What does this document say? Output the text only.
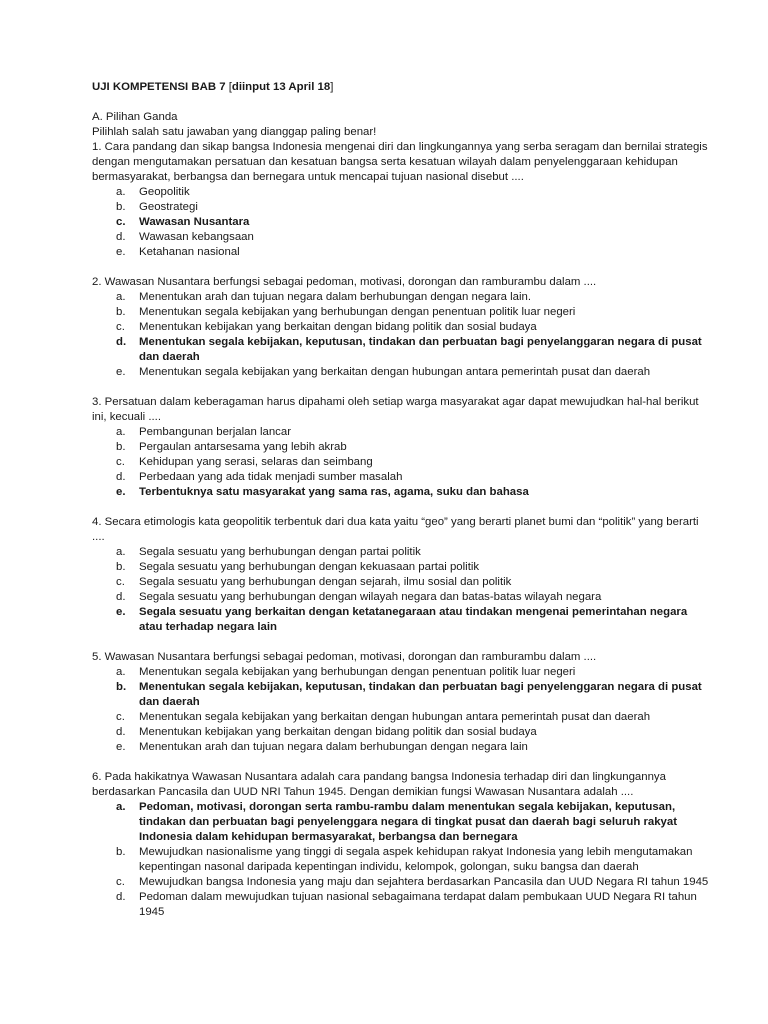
UJI KOMPETENSI BAB 7 [diinput 13 April 18]
A. Pilihan Ganda
Pilihlah salah satu jawaban yang dianggap paling benar!

1. Cara pandang dan sikap bangsa Indonesia mengenai diri dan lingkungannya yang serba seragam dan bernilai strategis dengan mengutamakan persatuan dan kesatuan bangsa serta kesatuan wilayah dalam penyelenggaraan kehidupan bermasyarakat, berbangsa dan bernegara untuk mencapai tujuan nasional disebut ....

a.	Geopolitik
b.	Geostrategi
c.	Wawasan Nusantara
d.	Wawasan kebangsaan
e.	Ketahanan nasional

2. Wawasan Nusantara berfungsi sebagai pedoman, motivasi, dorongan dan ramburambu dalam ....

a.	Menentukan arah dan tujuan negara dalam berhubungan dengan negara lain.
b.	Menentukan segala kebijakan yang berhubungan dengan penentuan politik luar negeri
c.	Menentukan kebijakan yang berkaitan dengan bidang politik dan sosial budaya
d.	Menentukan segala kebijakan, keputusan, tindakan dan perbuatan bagi penyelanggaran negara di pusat dan daerah
e.	Menentukan segala kebijakan yang berkaitan dengan hubungan antara pemerintah pusat dan daerah

3. Persatuan dalam keberagaman harus dipahami oleh setiap warga masyarakat agar dapat mewujudkan hal-hal berikut ini, kecuali ....

a.	Pembangunan berjalan lancar
b.	Pergaulan antarsesama yang lebih akrab
c.	Kehidupan yang serasi, selaras dan seimbang
d.	Perbedaan yang ada tidak menjadi sumber masalah
e.	Terbentuknya satu masyarakat yang sama ras, agama, suku dan bahasa

4. Secara etimologis kata geopolitik terbentuk dari dua kata yaitu “geo” yang berarti planet bumi dan “politik” yang berarti ....

a.	Segala sesuatu yang berhubungan dengan partai politik
b.	Segala sesuatu yang berhubungan dengan kekuasaan partai politik
c.	Segala sesuatu yang berhubungan dengan sejarah, ilmu sosial dan politik
d.	Segala sesuatu yang berhubungan dengan wilayah negara dan batas-batas wilayah negara
e.	Segala sesuatu yang berkaitan dengan ketatanegaraan atau tindakan mengenai pemerintahan negara atau terhadap negara lain

5. Wawasan Nusantara berfungsi sebagai pedoman, motivasi, dorongan dan ramburambu dalam ....

a.	Menentukan segala kebijakan yang berhubungan dengan penentuan politik luar negeri
b.	Menentukan segala kebijakan, keputusan, tindakan dan perbuatan bagi penyelenggaran negara di pusat dan daerah
c.	Menentukan segala kebijakan yang berkaitan dengan hubungan antara pemerintah pusat dan daerah
d.	Menentukan kebijakan yang berkaitan dengan bidang politik dan sosial budaya
e.	Menentukan arah dan tujuan negara dalam berhubungan dengan negara lain

6. Pada hakikatnya Wawasan Nusantara adalah cara pandang bangsa Indonesia terhadap diri dan lingkungannya berdasarkan Pancasila dan UUD NRI Tahun 1945. Dengan demikian fungsi Wawasan Nusantara adalah ....

a.	Pedoman, motivasi, dorongan serta rambu-rambu dalam menentukan segala kebijakan, keputusan, tindakan dan perbuatan bagi penyelenggara negara di tingkat pusat dan daerah bagi seluruh rakyat Indonesia dalam kehidupan bermasyarakat, berbangsa dan bernegara
b.	Mewujudkan nasionalisme yang tinggi di segala aspek kehidupan rakyat Indonesia yang lebih mengutamakan kepentingan nasonal daripada kepentingan individu, kelompok, golongan, suku bangsa dan daerah
c.	Mewujudkan bangsa Indonesia yang maju dan sejahtera berdasarkan Pancasila dan UUD Negara RI tahun 1945
d.	Pedoman dalam mewujudkan tujuan nasional sebagaimana terdapat dalam pembukaan UUD Negara RI tahun 1945
